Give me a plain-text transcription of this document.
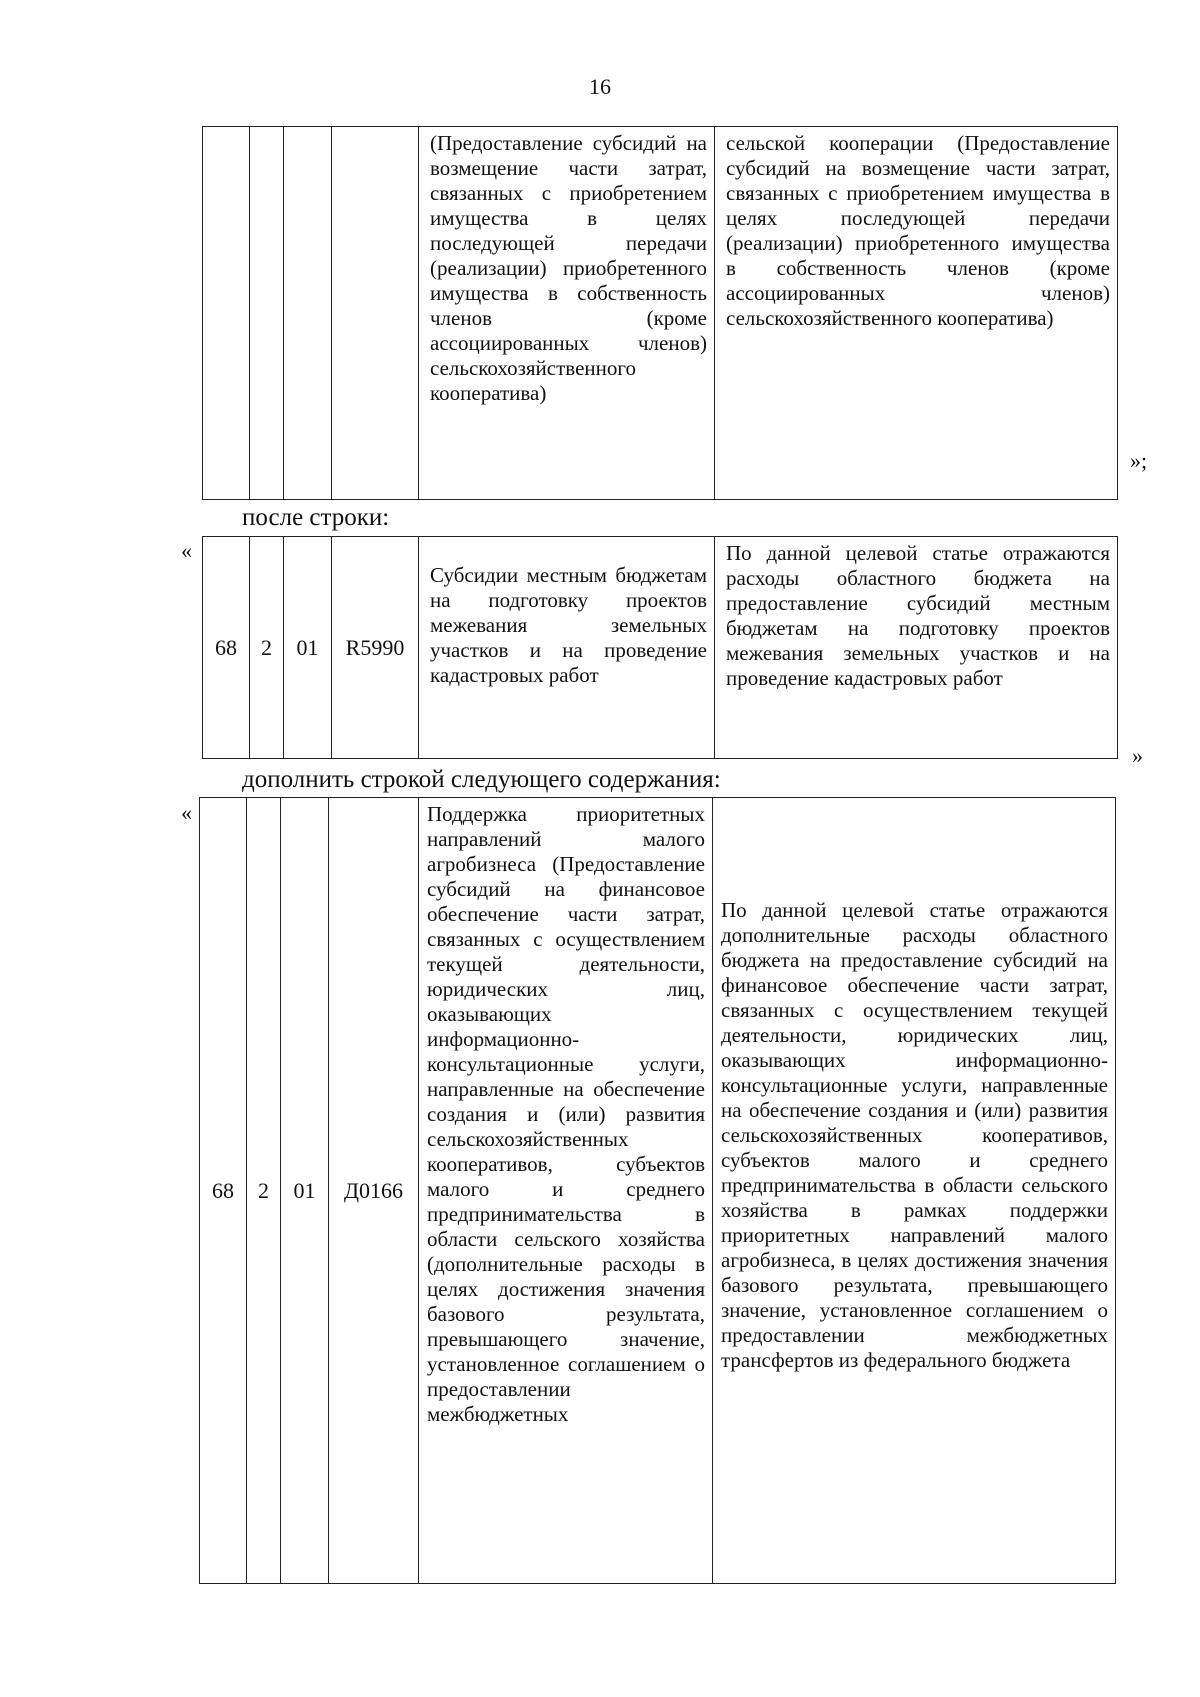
16
				(Предоставление субсидий на возмещение части затрат, связанных с приобретением имущества в целях последующей передачи (реализации) приобретенного имущества в собственность членов (кроме ассоциированных членов) сельскохозяйственного кооператива)	сельской кооперации (Предоставление субсидий на возмещение части затрат, связанных с приобретением имущества в целях последующей передачи (реализации) приобретенного имущества в собственность членов (кроме ассоциированных членов) сельскохозяйственного кооператива)
»;
после строки:
«
68	2	01	R5990	Субсидии местным бюджетам на подготовку проектов межевания земельных участков и на проведение кадастровых работ	По данной целевой статье отражаются расходы областного бюджета на предоставление субсидий местным бюджетам на подготовку проектов межевания земельных участков и на проведение кадастровых работ
»
дополнить строкой следующего содержания:
«
68	2	01	Д0166	Поддержка приоритетных направлений малого агробизнеса (Предоставление субсидий на финансовое обеспечение части затрат, связанных с осуществлением текущей деятельности, юридических лиц, оказывающих информационно-консультационные услуги, направленные на обеспечение создания и (или) развития сельскохозяйственных кооперативов, субъектов малого и среднего предпринимательства в области сельского хозяйства (дополнительные расходы в целях достижения значения базового результата, превышающего значение, установленное соглашением о предоставлении межбюджетных	По данной целевой статье отражаются дополнительные расходы областного бюджета на предоставление субсидий на финансовое обеспечение части затрат, связанных с осуществлением текущей деятельности, юридических лиц, оказывающих информационно-консультационные услуги, направленные на обеспечение создания и (или) развития сельскохозяйственных кооперативов, субъектов малого и среднего предпринимательства в области сельского хозяйства в рамках поддержки приоритетных направлений малого агробизнеса, в целях достижения значения базового результата, превышающего значение, установленное соглашением о предоставлении межбюджетных трансфертов из федерального бюджета
